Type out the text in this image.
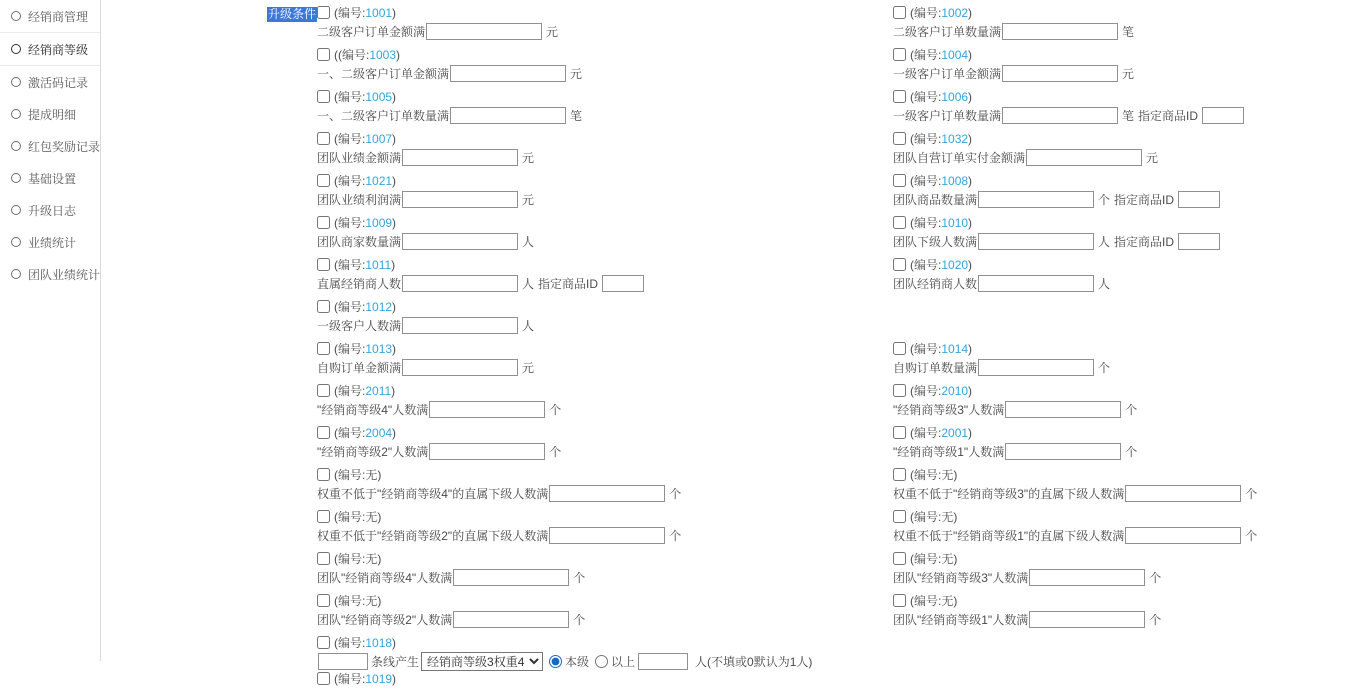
经销商管理
经销商等级
激活码记录
提成明细
红包奖励记录
基础设置
升级日志
业绩统计
团队业绩统计
升级条件 (编号:1001)
二级客户订单金额满	元
(编号:1002)
二级客户订单数量满	笔
((编号:1003)
一、二级客户订单金额满	元
(编号:1004)
一级客户订单金额满	元
(编号:1005)
一、二级客户订单数量满	笔
(编号:1006)
一级客户订单数量满	笔 指定商品ID
(编号:1007)
团队业绩金额满	元
(编号:1032)
团队自营订单实付金额满	元
(编号:1021)
团队业绩利润满	元
(编号:1008)
团队商品数量满	个 指定商品ID
(编号:1009)
团队商家数量满	人
(编号:1010)
团队下级人数满	人 指定商品ID
(编号:1011)
直属经销商人数	人 指定商品ID
(编号:1020)
团队经销商人数	人
(编号:1012)
一级客户人数满	人
(编号:1013)
自购订单金额满	元
(编号:1014)
自购订单数量满	个
(编号:2011)
"经销商等级4"人数满	个
(编号:2010)
"经销商等级3"人数满	个
(编号:2004)
"经销商等级2"人数满	个
(编号:2001)
"经销商等级1"人数满	个
(编号:无)
权重不低于"经销商等级4"的直属下级人数满	个
(编号:无)
权重不低于"经销商等级3"的直属下级人数满	个
(编号:无)
权重不低于"经销商等级2"的直属下级人数满	个
(编号:无)
权重不低于"经销商等级1"的直属下级人数满	个
(编号:无)
团队"经销商等级4"人数满	个
(编号:无)
团队"经销商等级3"人数满	个
(编号:无)
团队"经销商等级2"人数满	个
(编号:无)
团队"经销商等级1"人数满	个
(编号:1018)
条线产生
经销商等级3权重4	本级 以上	人(不填或0默认为1人)
(编号:1019)
